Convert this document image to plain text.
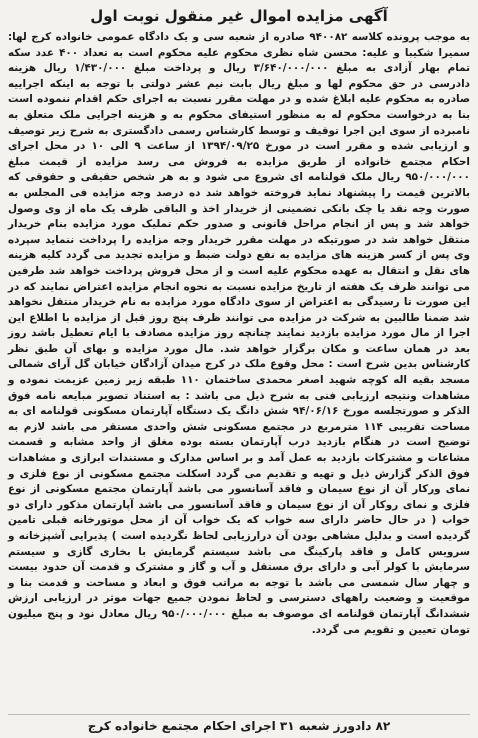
آگهی مزایده اموال غیر منقول نوبت اول

به موجب پرونده کلاسه ۹۴۰۰۸۲ صادره از شعبه سی و یک دادگاه عمومی خانواده کرج لها: سمیرا شکیبا و علیه: محسن شاه نظری محکوم علیه محکوم است به تعداد ۴۰۰ عدد سکه تمام بهار آزادی به مبلغ ۳/۶۴۰/۰۰۰/۰۰۰ ریال و پرداخت مبلغ ۱/۴۳۰/۰۰۰ ریال هزینه دادرسی در حق محکوم لها و مبلغ ریال بابت نیم عشر دولتی با توجه به اینکه اجراییه صادره به محکوم علیه ابلاغ شده و در مهلت مقرر نسبت به اجرای حکم اقدام ننموده است بنا به درخواست محکوم له به منظور استیفای محکوم به و هزینه اجرایی ملک متعلق به نامبرده از سوی این اجرا توقیف و توسط کارشناس رسمی دادگستری به شرح زیر توصیف و ارزیابی شده و مقرر است در مورخ ۱۳۹۴/۰۹/۲۵ از ساعت ۹ الی ۱۰ در محل اجرای احکام مجتمع خانواده از طریق مزایده به فروش می رسد مزایده از قیمت مبلغ ۹۵۰/۰۰۰/۰۰۰ ریال ملک قولنامه ای شروع می شود و به هر شخص حقیقی و حقوقی که بالاترین قیمت را پیشنهاد نماید فروخته خواهد شد ده درصد وجه مزایده فی المجلس به صورت وجه نقد یا چک بانکی تضمینی از خریدار اخذ و الباقی ظرف یک ماه از وی وصول خواهد شد و پس از انجام مراحل قانونی و صدور حکم تملیک مورد مزایده بنام خریدار منتقل خواهد شد در صورتیکه در مهلت مقرر خریدار وجه مزایده را پرداخت ننماید سپرده وی پس از کسر هزینه های مزایده به نفع دولت ضبط و مزایده تجدید می گردد کلیه هزینه های نقل و انتقال به عهده محکوم علیه است و از محل فروش پرداخت خواهد شد طرفین می توانند ظرف یک هفته از تاریخ مزایده نسبت به نحوه انجام مزایده اعتراض نمایند که در این صورت تا رسیدگی به اعتراض از سوی دادگاه مورد مزایده به نام خریدار منتقل نخواهد شد ضمنا طالبین به شرکت در مزایده می توانند ظرف پنج روز قبل از مزایده با اطلاع این اجرا از مال مورد مزایده بازدید نمایند چنانچه روز مزایده مصادف با ایام تعطیل باشد روز بعد در همان ساعت و مکان برگزار خواهد شد. مال مورد مزایده و بهای آن طبق نظر کارشناس بدین شرح است : محل وقوع ملک در کرج میدان آزادگان خیابان گل آرای شمالی مسجد بقیه اله کوچه شهید اصغر محمدی ساختمان ۱۱۰ طبقه زیر زمین عزیمت نموده و مشاهدات ونتیجه ارزیابی فنی به شرح ذیل می باشد : به استناد تصویر مبایعه نامه فوق الذکر و صورتجلسه مورخ ۹۴/۰۶/۱۶ شش دانگ یک دستگاه آپارتمان مسکونی قولنامه ای به مساحت تقریبی ۱۱۴ مترمربع در مجتمع مسکونی شش واحدی مستقر می باشد لازم به توضیح است در هنگام بازدید درب آپارتمان بسته بوده مغلق از واحد مشابه و قسمت مشاعات و مشترکات بازدید به عمل آمد و بر اساس مدارک و مستندات ابرازی و مشاهدات فوق الذکر گزارش ذیل و تهیه و تقدیم می گردد اسکلت مجتمع مسکونی از نوع فلزی و نمای ورکار آن از نوع سیمان و فاقد آسانسور می باشد آپارتمان مجتمع مسکونی از نوع فلزی و نمای روکار آن از نوع سیمان و فاقد آسانسور می باشد آپارتمان مذکور دارای دو خواب ( در حال حاضر دارای سه خواب که یک خواب آن از محل موتورخانه قبلی تامین گردیده است و بدلیل مشاهی بودن آن درارزیابی لحاظ نگردیده است ) پذیرایی آشپزخانه و سرویس کامل و فاقد پارکینگ می باشد سیستم گرمایش با بخاری گازی و سیستم سرمایش با کولر آبی و دارای برق مستقل و آب و گاز و مشترک و قدمت آن حدود بیست و چهار سال شمسی می باشد با توجه به مراتب فوق و ابعاد و مساحت و قدمت بنا و موقعیت و وضعیت راههای دسترسی و لحاظ نمودن جمیع جهات موثر در ارزیابی ارزش ششدانگ آپارتمان قولنامه ای موصوف به مبلغ ۹۵۰/۰۰۰/۰۰۰ ریال معادل نود و پنج میلیون تومان تعیین و تقویم می گردد.

۸۲ دادورز شعبه ۳۱ اجرای احکام مجتمع خانواده کرج
